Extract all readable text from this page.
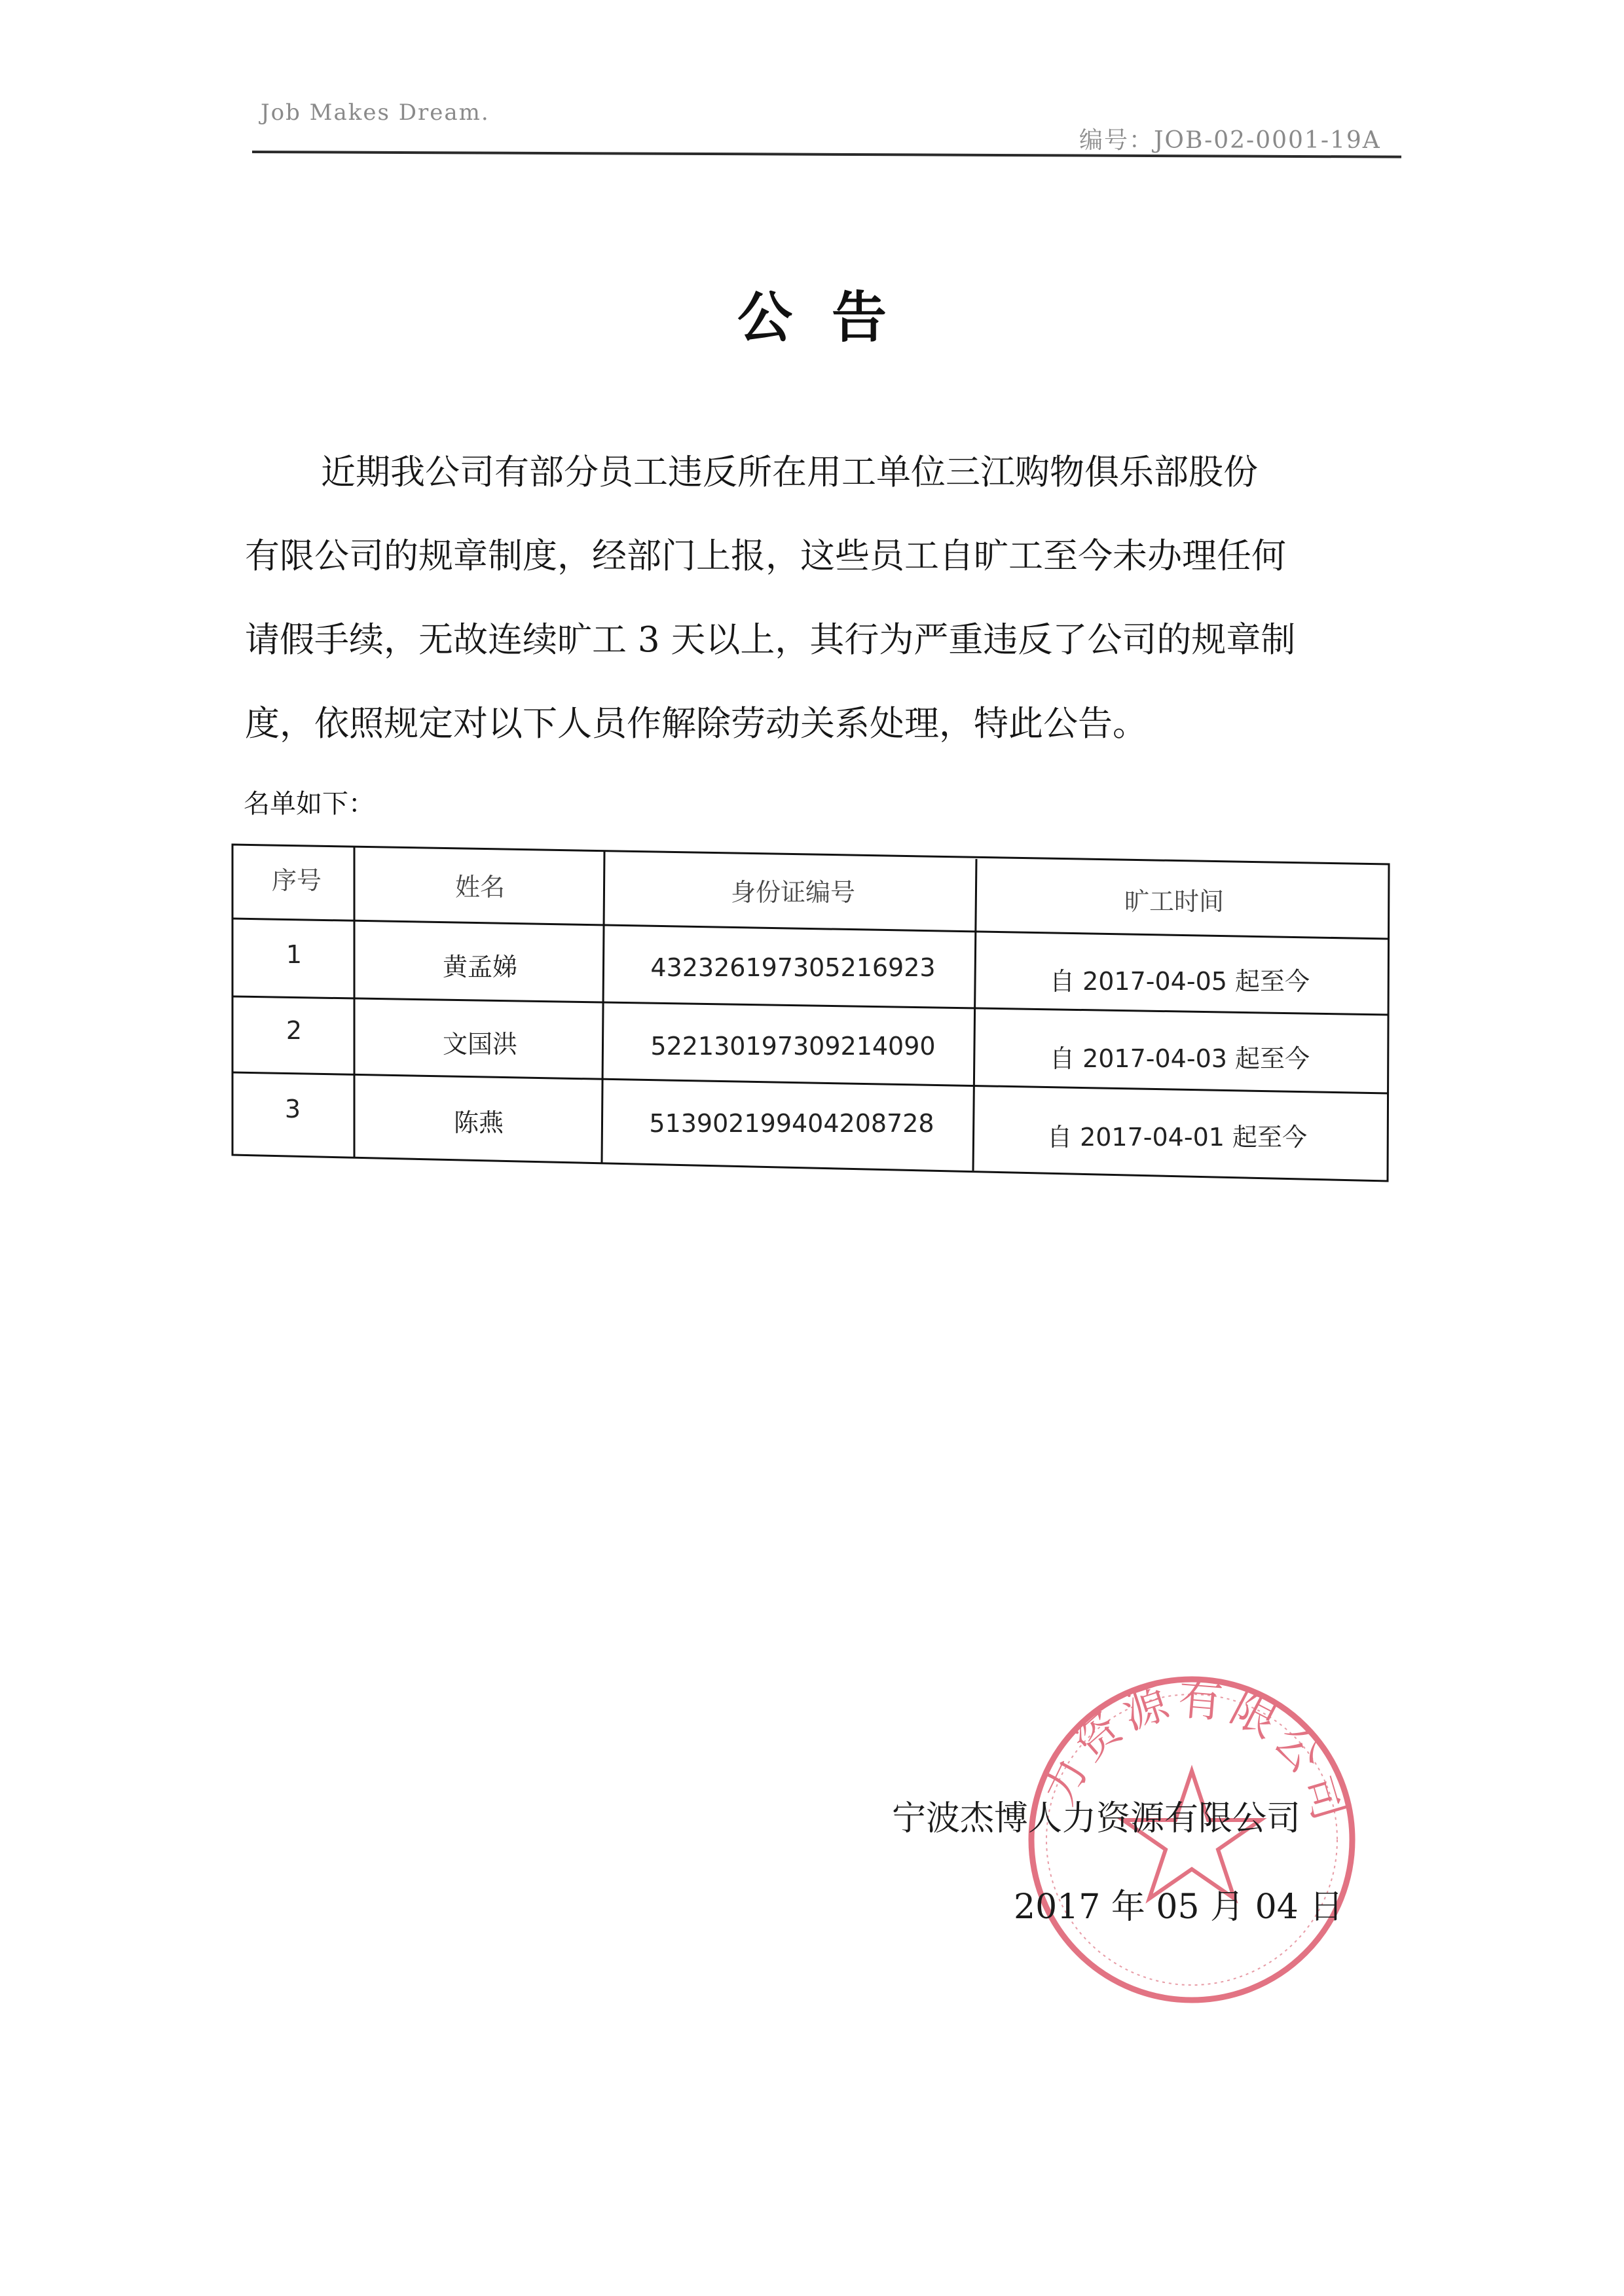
Job Makes Dream.
编号：JOB-02-0001-19A
公告
近期我公司有部分员工违反所在用工单位三江购物俱乐部股份
有限公司的规章制度，经部门上报，这些员工自旷工至今未办理任何
请假手续，无故连续旷工 3 天以上，其行为严重违反了公司的规章制
度，依照规定对以下人员作解除劳动关系处理，特此公告。
名单如下：
序号	姓名	身份证编号	旷工时间
1	黄孟娣	432326197305216923	自 2017-04-05 起至今
2	文国洪	522130197309214090	自 2017-04-03 起至今
3	陈燕	513902199404208728	自 2017-04-01 起至今
力资源有限公司
宁波杰博人力资源有限公司
2017 年 05 月 04 日
